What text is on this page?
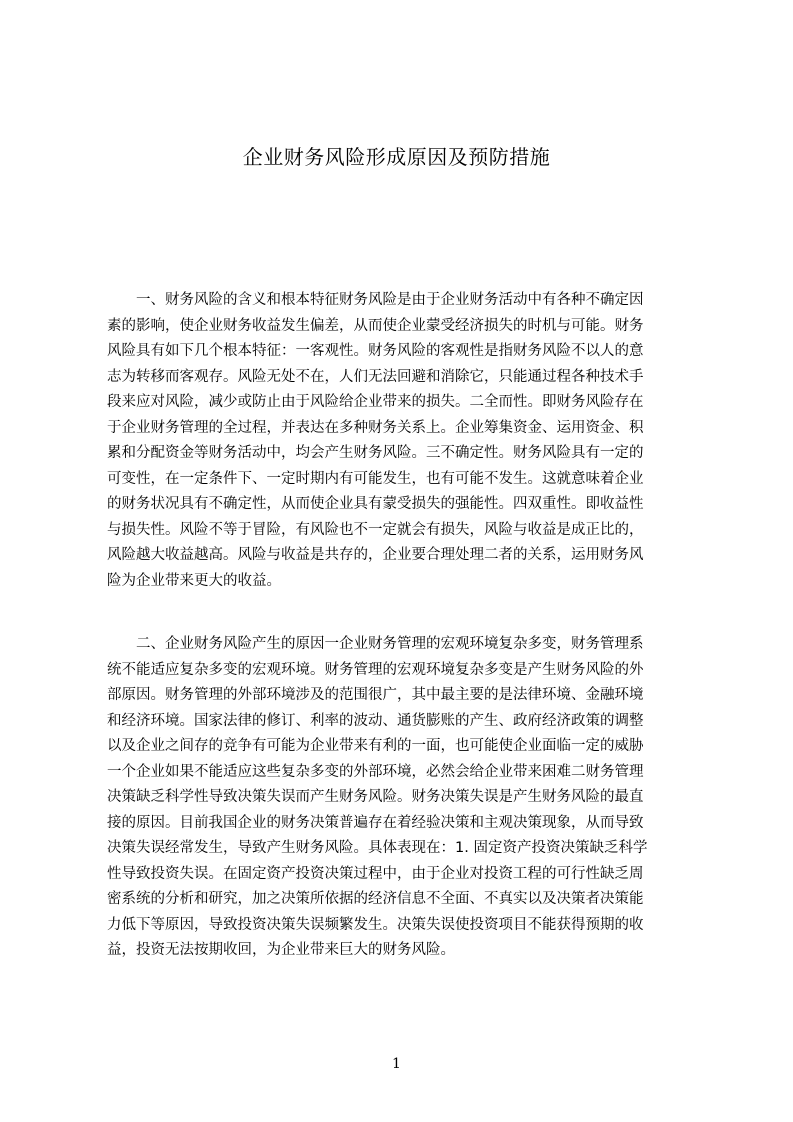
企业财务风险形成原因及预防措施
　　一、财务风险的含义和根本特征财务风险是由于企业财务活动中有各种不确定因
素的影响，使企业财务收益发生偏差，从而使企业蒙受经济损失的时机与可能。财务
风险具有如下几个根本特征：一客观性。财务风险的客观性是指财务风险不以人的意
志为转移而客观存。风险无处不在，人们无法回避和消除它，只能通过程各种技术手
段来应对风险，减少或防止由于风险给企业带来的损失。二全而性。即财务风险存在
于企业财务管理的全过程，并表达在多种财务关系上。企业筹集资金、运用资金、积
累和分配资金等财务活动中，均会产生财务风险。三不确定性。财务风险具有一定的
可变性，在一定条件下、一定时期内有可能发生，也有可能不发生。这就意味着企业
的财务状况具有不确定性，从而使企业具有蒙受损失的强能性。四双重性。即收益性
与损失性。风险不等于冒险，有风险也不一定就会有损失，风险与收益是成正比的，
风险越大收益越高。风险与收益是共存的，企业要合理处理二者的关系，运用财务风
险为企业带来更大的收益。
　　二、企业财务风险产生的原因一企业财务管理的宏观环境复杂多变，财务管理系
统不能适应复杂多变的宏观环境。财务管理的宏观环境复杂多变是产生财务风险的外
部原因。财务管理的外部环境涉及的范围很广，其中最主要的是法律环境、金融环境
和经济环境。国家法律的修订、利率的波动、通货膨账的产生、政府经济政策的调整
以及企业之间存的竞争有可能为企业带来有利的一面，也可能使企业面临一定的威胁
一个企业如果不能适应这些复杂多变的外部环境，必然会给企业带来困难二财务管理
决策缺乏科学性导致决策失误而产生财务风险。财务决策失误是产生财务风险的最直
接的原因。目前我国企业的财务决策普遍存在着经验决策和主观决策现象，从而导致
决策失误经常发生，导致产生财务风险。具体表现在：1. 固定资产投资决策缺乏科学
性导致投资失误。在固定资产投资决策过程中，由于企业对投资工程的可行性缺乏周
密系统的分析和研究，加之决策所依据的经济信息不全面、不真实以及决策者决策能
力低下等原因，导致投资决策失误频繁发生。决策失误使投资项目不能获得预期的收
益，投资无法按期收回，为企业带来巨大的财务风险。
1
